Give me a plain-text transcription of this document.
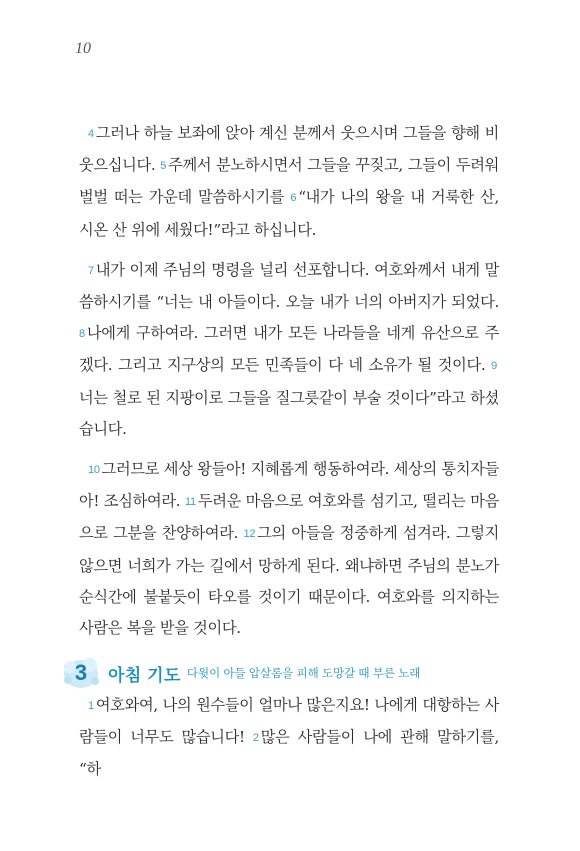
10

4 그러나 하늘 보좌에 앉아 계신 분께서 웃으시며 그들을 향해 비웃으십니다. 5 주께서 분노하시면서 그들을 꾸짖고, 그들이 두려워 벌벌 떠는 가운데 말씀하시기를 6 “내가 나의 왕을 내 거룩한 산, 시온 산 위에 세웠다!”라고 하십니다.

7 내가 이제 주님의 명령을 널리 선포합니다. 여호와께서 내게 말씀하시기를 “너는 내 아들이다. 오늘 내가 너의 아버지가 되었다. 8 나에게 구하여라. 그러면 내가 모든 나라들을 네게 유산으로 주겠다. 그리고 지구상의 모든 민족들이 다 네 소유가 될 것이다. 9너는 철로 된 지팡이로 그들을 질그릇같이 부술 것이다”라고 하셨습니다.

10 그러므로 세상 왕들아! 지혜롭게 행동하여라. 세상의 통치자들아! 조심하여라. 11 두려운 마음으로 여호와를 섬기고, 떨리는 마음으로 그분을 찬양하여라. 12 그의 아들을 정중하게 섬겨라. 그렇지 않으면 너희가 가는 길에서 망하게 된다. 왜냐하면 주님의 분노가 순식간에 불붙듯이 타오를 것이기 때문이다. 여호와를 의지하는 사람은 복을 받을 것이다.

3	아침 기도 다윗이 아들 압살롬을 피해 도망갈 때 부른 노래

1 여호와여, 나의 원수들이 얼마나 많은지요! 나에게 대항하는 사람들이 너무도 많습니다! 2 많은 사람들이 나에 관해 말하기를, “하
